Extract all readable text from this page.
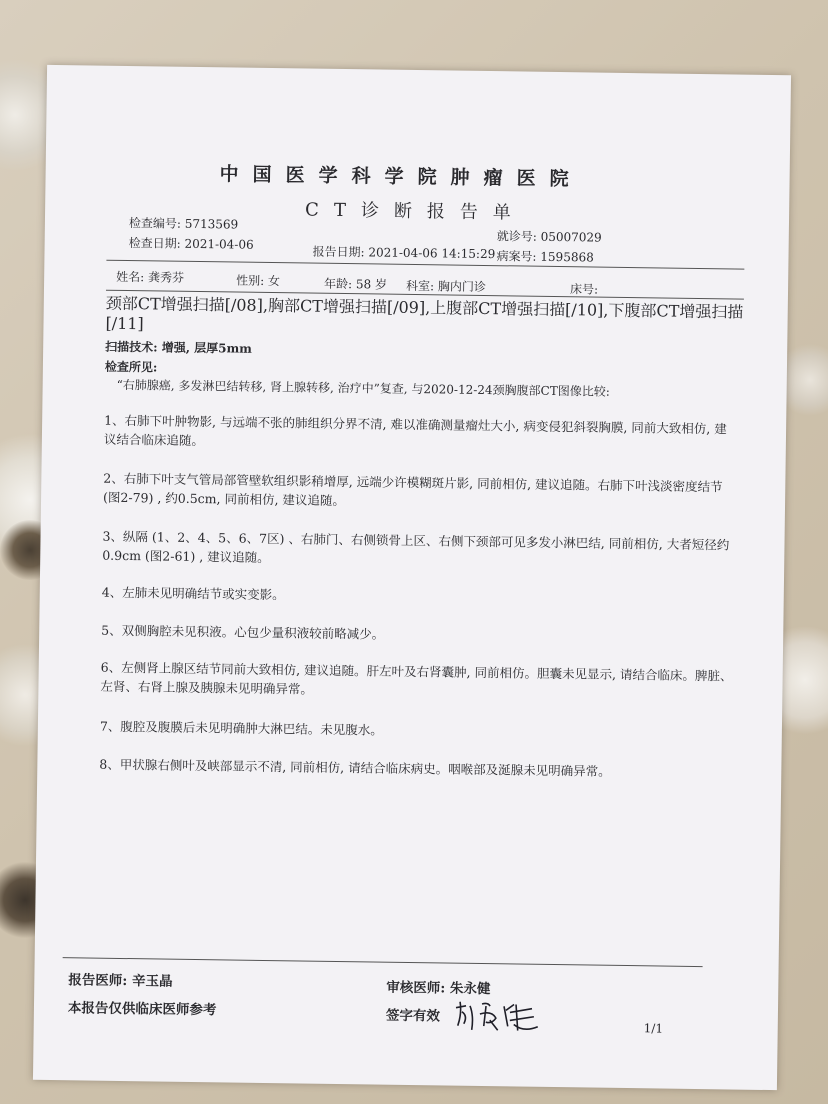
中国医学科学院肿瘤医院
CT诊断报告单
检查编号: 5713569
就诊号: 05007029
检查日期: 2021-04-06
报告日期: 2021-04-06 14:15:29 病案号: 1595868
姓名: 龚秀芬	性别: 女	年龄: 58 岁 科室: 胸内门诊	床号:
颈部CT增强扫描[/08],胸部CT增强扫描[/09],上腹部CT增强扫描[/10],下腹部CT增强扫描[/11]
扫描技术: 增强, 层厚5mm
检查所见:
“右肺腺癌, 多发淋巴结转移, 肾上腺转移, 治疗中”复查, 与2020-12-24颈胸腹部CT图像比较:
1、右肺下叶肿物影, 与远端不张的肺组织分界不清, 难以准确测量瘤灶大小, 病变侵犯斜裂胸膜, 同前大致相仿, 建议结合临床追随。
2、右肺下叶支气管局部管壁软组织影稍增厚, 远端少许模糊斑片影, 同前相仿, 建议追随。右肺下叶浅淡密度结节 (图2-79) , 约0.5cm, 同前相仿, 建议追随。
3、纵隔 (1、2、4、5、6、7区) 、右肺门、右侧锁骨上区、右侧下颈部可见多发小淋巴结, 同前相仿, 大者短径约0.9cm (图2-61) , 建议追随。
4、左肺未见明确结节或实变影。
5、双侧胸腔未见积液。心包少量积液较前略减少。
6、左侧肾上腺区结节同前大致相仿, 建议追随。肝左叶及右肾囊肿, 同前相仿。胆囊未见显示, 请结合临床。脾脏、左肾、右肾上腺及胰腺未见明确异常。
7、腹腔及腹膜后未见明确肿大淋巴结。未见腹水。
8、甲状腺右侧叶及峡部显示不清, 同前相仿, 请结合临床病史。咽喉部及涎腺未见明确异常。
报告医师: 辛玉晶	审核医师: 朱永健
本报告仅供临床医师参考	签字有效
1/1
